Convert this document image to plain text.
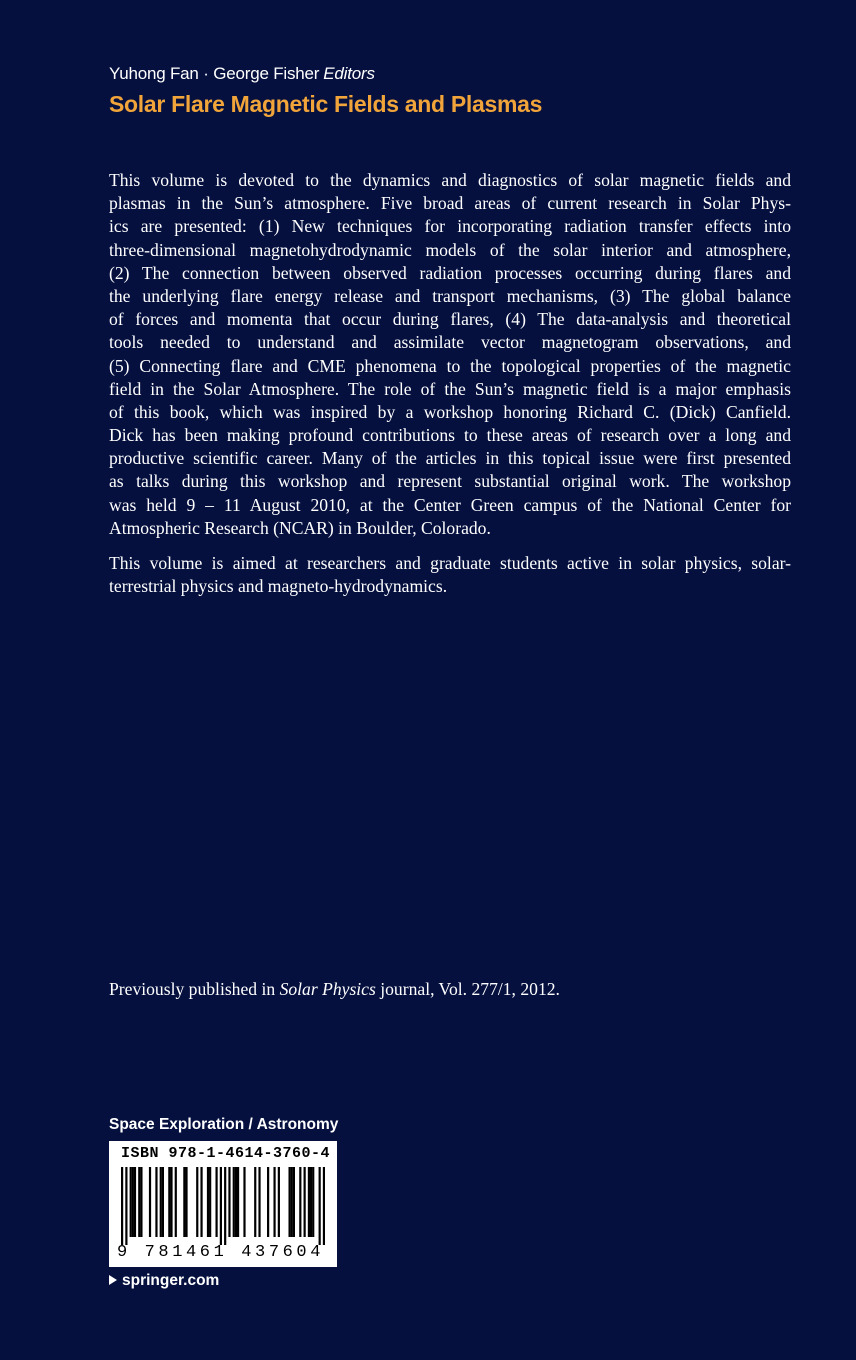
Yuhong Fan · George Fisher Editors
Solar Flare Magnetic Fields and Plasmas
This volume is devoted to the dynamics and diagnostics of solar magnetic fields and
plasmas in the Sun’s atmosphere. Five broad areas of current research in Solar Phys-
ics are presented: (1) New techniques for incorporating radiation transfer effects into
three-dimensional magnetohydrodynamic models of the solar interior and atmosphere,
(2) The connection between observed radiation processes occurring during flares and
the underlying flare energy release and transport mechanisms, (3) The global balance
of forces and momenta that occur during flares, (4) The data-analysis and theoretical
tools needed to understand and assimilate vector magnetogram observations, and
(5) Connecting flare and CME phenomena to the topological properties of the magnetic
field in the Solar Atmosphere. The role of the Sun’s magnetic field is a major emphasis
of this book, which was inspired by a workshop honoring Richard C. (Dick) Canfield.
Dick has been making profound contributions to these areas of research over a long and
productive scientific career. Many of the articles in this topical issue were first presented
as talks during this workshop and represent substantial original work. The workshop
was held 9 – 11 August 2010, at the Center Green campus of the National Center for
Atmospheric Research (NCAR) in Boulder, Colorado.
This volume is aimed at researchers and graduate students active in solar physics, solar-
terrestrial physics and magneto-hydrodynamics.
Previously published in Solar Physics journal, Vol. 277/1, 2012.
Space Exploration / Astronomy
ISBN 978-1-4614-3760-4
9 781461 437604
springer.com
